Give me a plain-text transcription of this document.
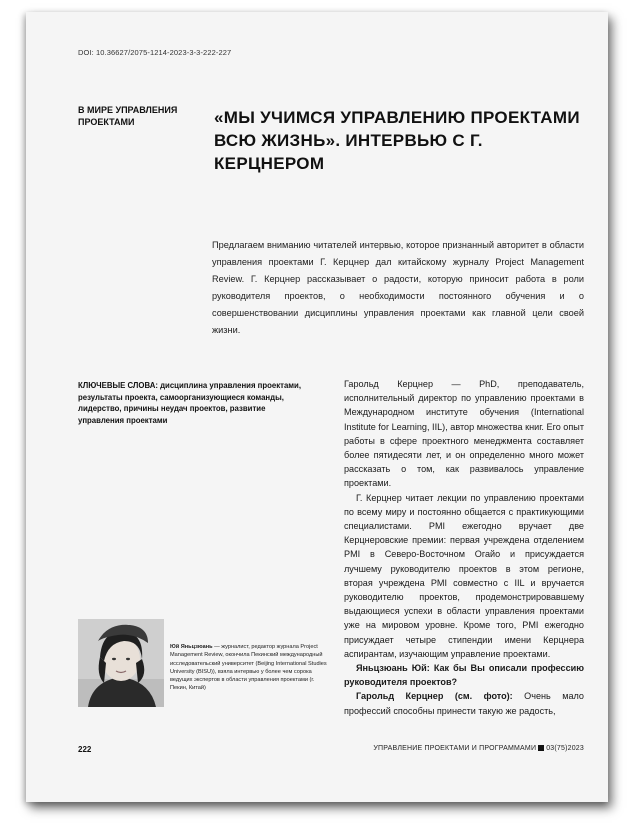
DOI: 10.36627/2075-1214-2023-3-3-222-227
В МИРЕ УПРАВЛЕНИЯ ПРОЕКТАМИ	«МЫ УЧИМСЯ УПРАВЛЕНИЮ ПРОЕКТАМИ ВСЮ ЖИЗНЬ». ИНТЕРВЬЮ С Г. КЕРЦНЕРОМ
Предлагаем вниманию читателей интервью, которое признанный авторитет в области управления проектами Г. Керцнер дал китайскому журналу Project Management Review. Г. Керцнер рассказывает о радости, которую приносит работа в роли руководителя проектов, о необходимости постоянного обучения и о совершенствовании дисциплины управления проектами как главной цели своей жизни.
КЛЮЧЕВЫЕ СЛОВА: дисциплина управления проектами, результаты проекта, самоорганизующиеся команды, лидерство, причины неудач проектов, развитие управления проектами

Гарольд Керцнер — PhD, преподаватель, исполнительный директор по управлению проектами в Международном институте обучения (International Institute for Learning, IIL), автор множества книг. Его опыт работы в сфере проектного менеджмента составляет более пятидесяти лет, и он определенно много может рассказать о том, как развивалось управление проектами.

Г. Керцнер читает лекции по управлению проектами по всему миру и постоянно общается с практикующими специалистами. PMI ежегодно вручает две Керцнеровские премии: первая учреждена отделением PMI в Северо-Восточном Огайо и присуждается лучшему руководителю проектов в этом регионе, вторая учреждена PMI совместно с IIL и вручается руководителю проектов, продемонстрировавшему выдающиеся успехи в области управления проектами уже на мировом уровне. Кроме того, PMI ежегодно присуждает четыре стипендии имени Керцнера аспирантам, изучающим управление проектами.

Яньцзюань Юй: Как бы Вы описали профессию руководителя проектов?

Гарольд Керцнер (см. фото): Очень мало профессий способны принести такую же радость,

Юй Яньцзюань — журналист, редактор журнала Project Management Review, окончила Пекинский международный исследовательский университет (Beijing International Studies University (BISU)), взяла интервью у более чем сорока ведущих экспертов в области управления проектами (г. Пекин, Китай)
222	УПРАВЛЕНИЕ ПРОЕКТАМИ И ПРОГРАММАМИ 03(75)2023
